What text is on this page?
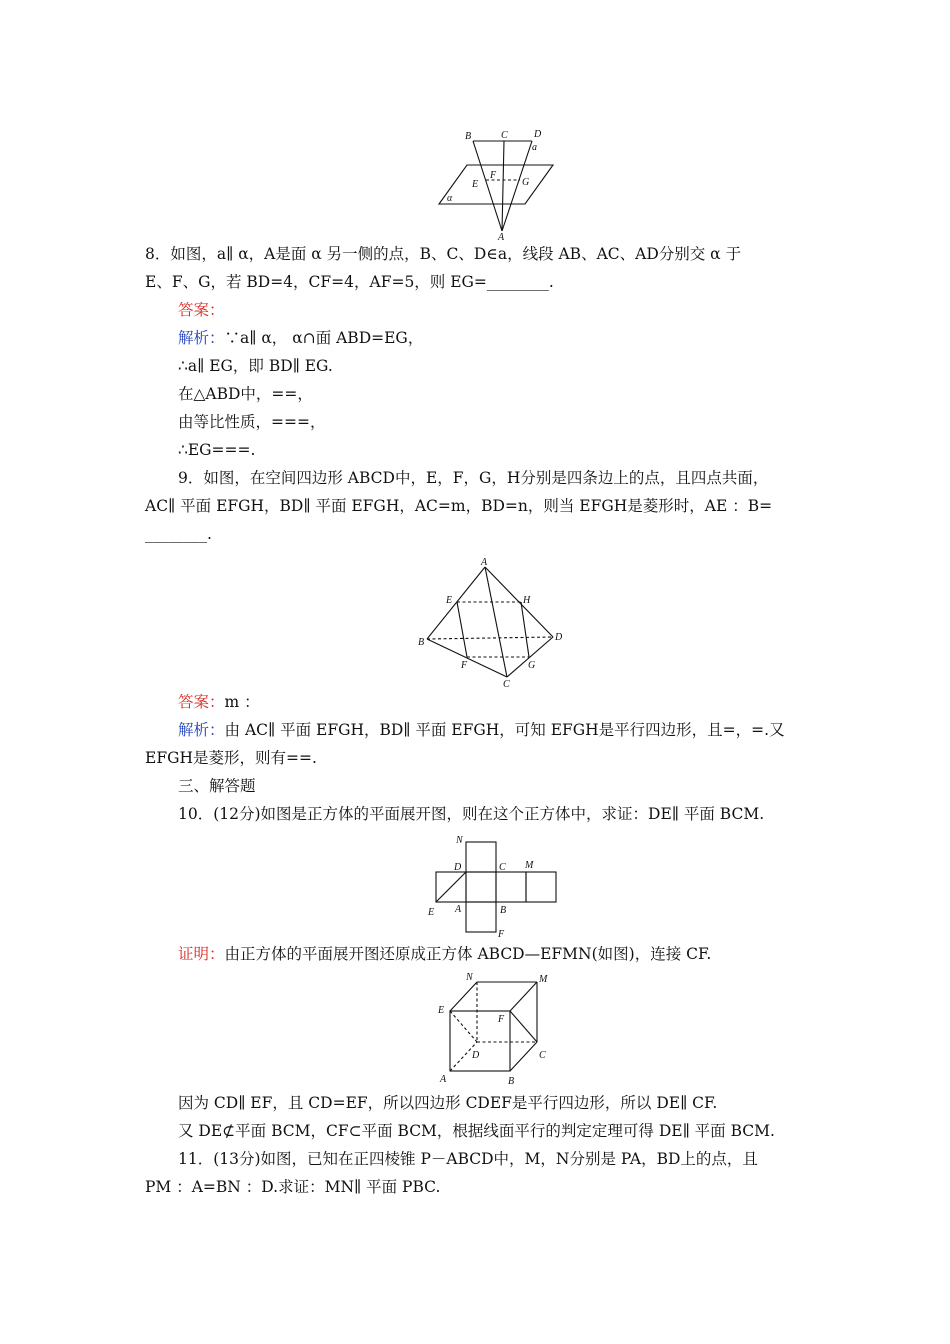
B	C	D
a
E
F
G
α
A
8．如图，a∥ α，A是面 α 另一侧的点，B、C、D∈a，线段 AB、AC、AD分别交 α 于
E、F、G，若 BD=4，CF=4，AF=5，则 EG=________.
答案：
解析：∵a∥ α， α∩面 ABD=EG，
∴a∥ EG，即 BD∥ EG.
在△ABD中，==，
由等比性质，===，
∴EG===.
9．如图，在空间四边形 ABCD中，E，F，G，H分别是四条边上的点，且四点共面，
AC∥ 平面 EFGH，BD∥ 平面 EFGH，AC=m，BD=n，则当 EFGH是菱形时，AE ：B=
________.
A
E	H
B	D
F	G
C
答案：m ：
解析：由 AC∥ 平面 EFGH，BD∥ 平面 EFGH，可知 EFGH是平行四边形，且=，=.又
EFGH是菱形，则有==.
三、解答题
10．(12分)如图是正方体的平面展开图，则在这个正方体中，求证：DE∥ 平面 BCM.
N
D	C M
E A	B
F
证明：由正方体的平面展开图还原成正方体 ABCD—EFMN(如图)，连接 CF.
N	M
E
F
D	C
A	B
因为 CD∥ EF，且 CD=EF，所以四边形 CDEF是平行四边形，所以 DE∥ CF.
又 DE⊄平面 BCM，CF⊂平面 BCM，根据线面平行的判定定理可得 DE∥ 平面 BCM.
11．(13分)如图，已知在正四棱锥 P－ABCD中，M，N分别是 PA，BD上的点，且
PM ：A=BN ：D.求证：MN∥ 平面 PBC.
